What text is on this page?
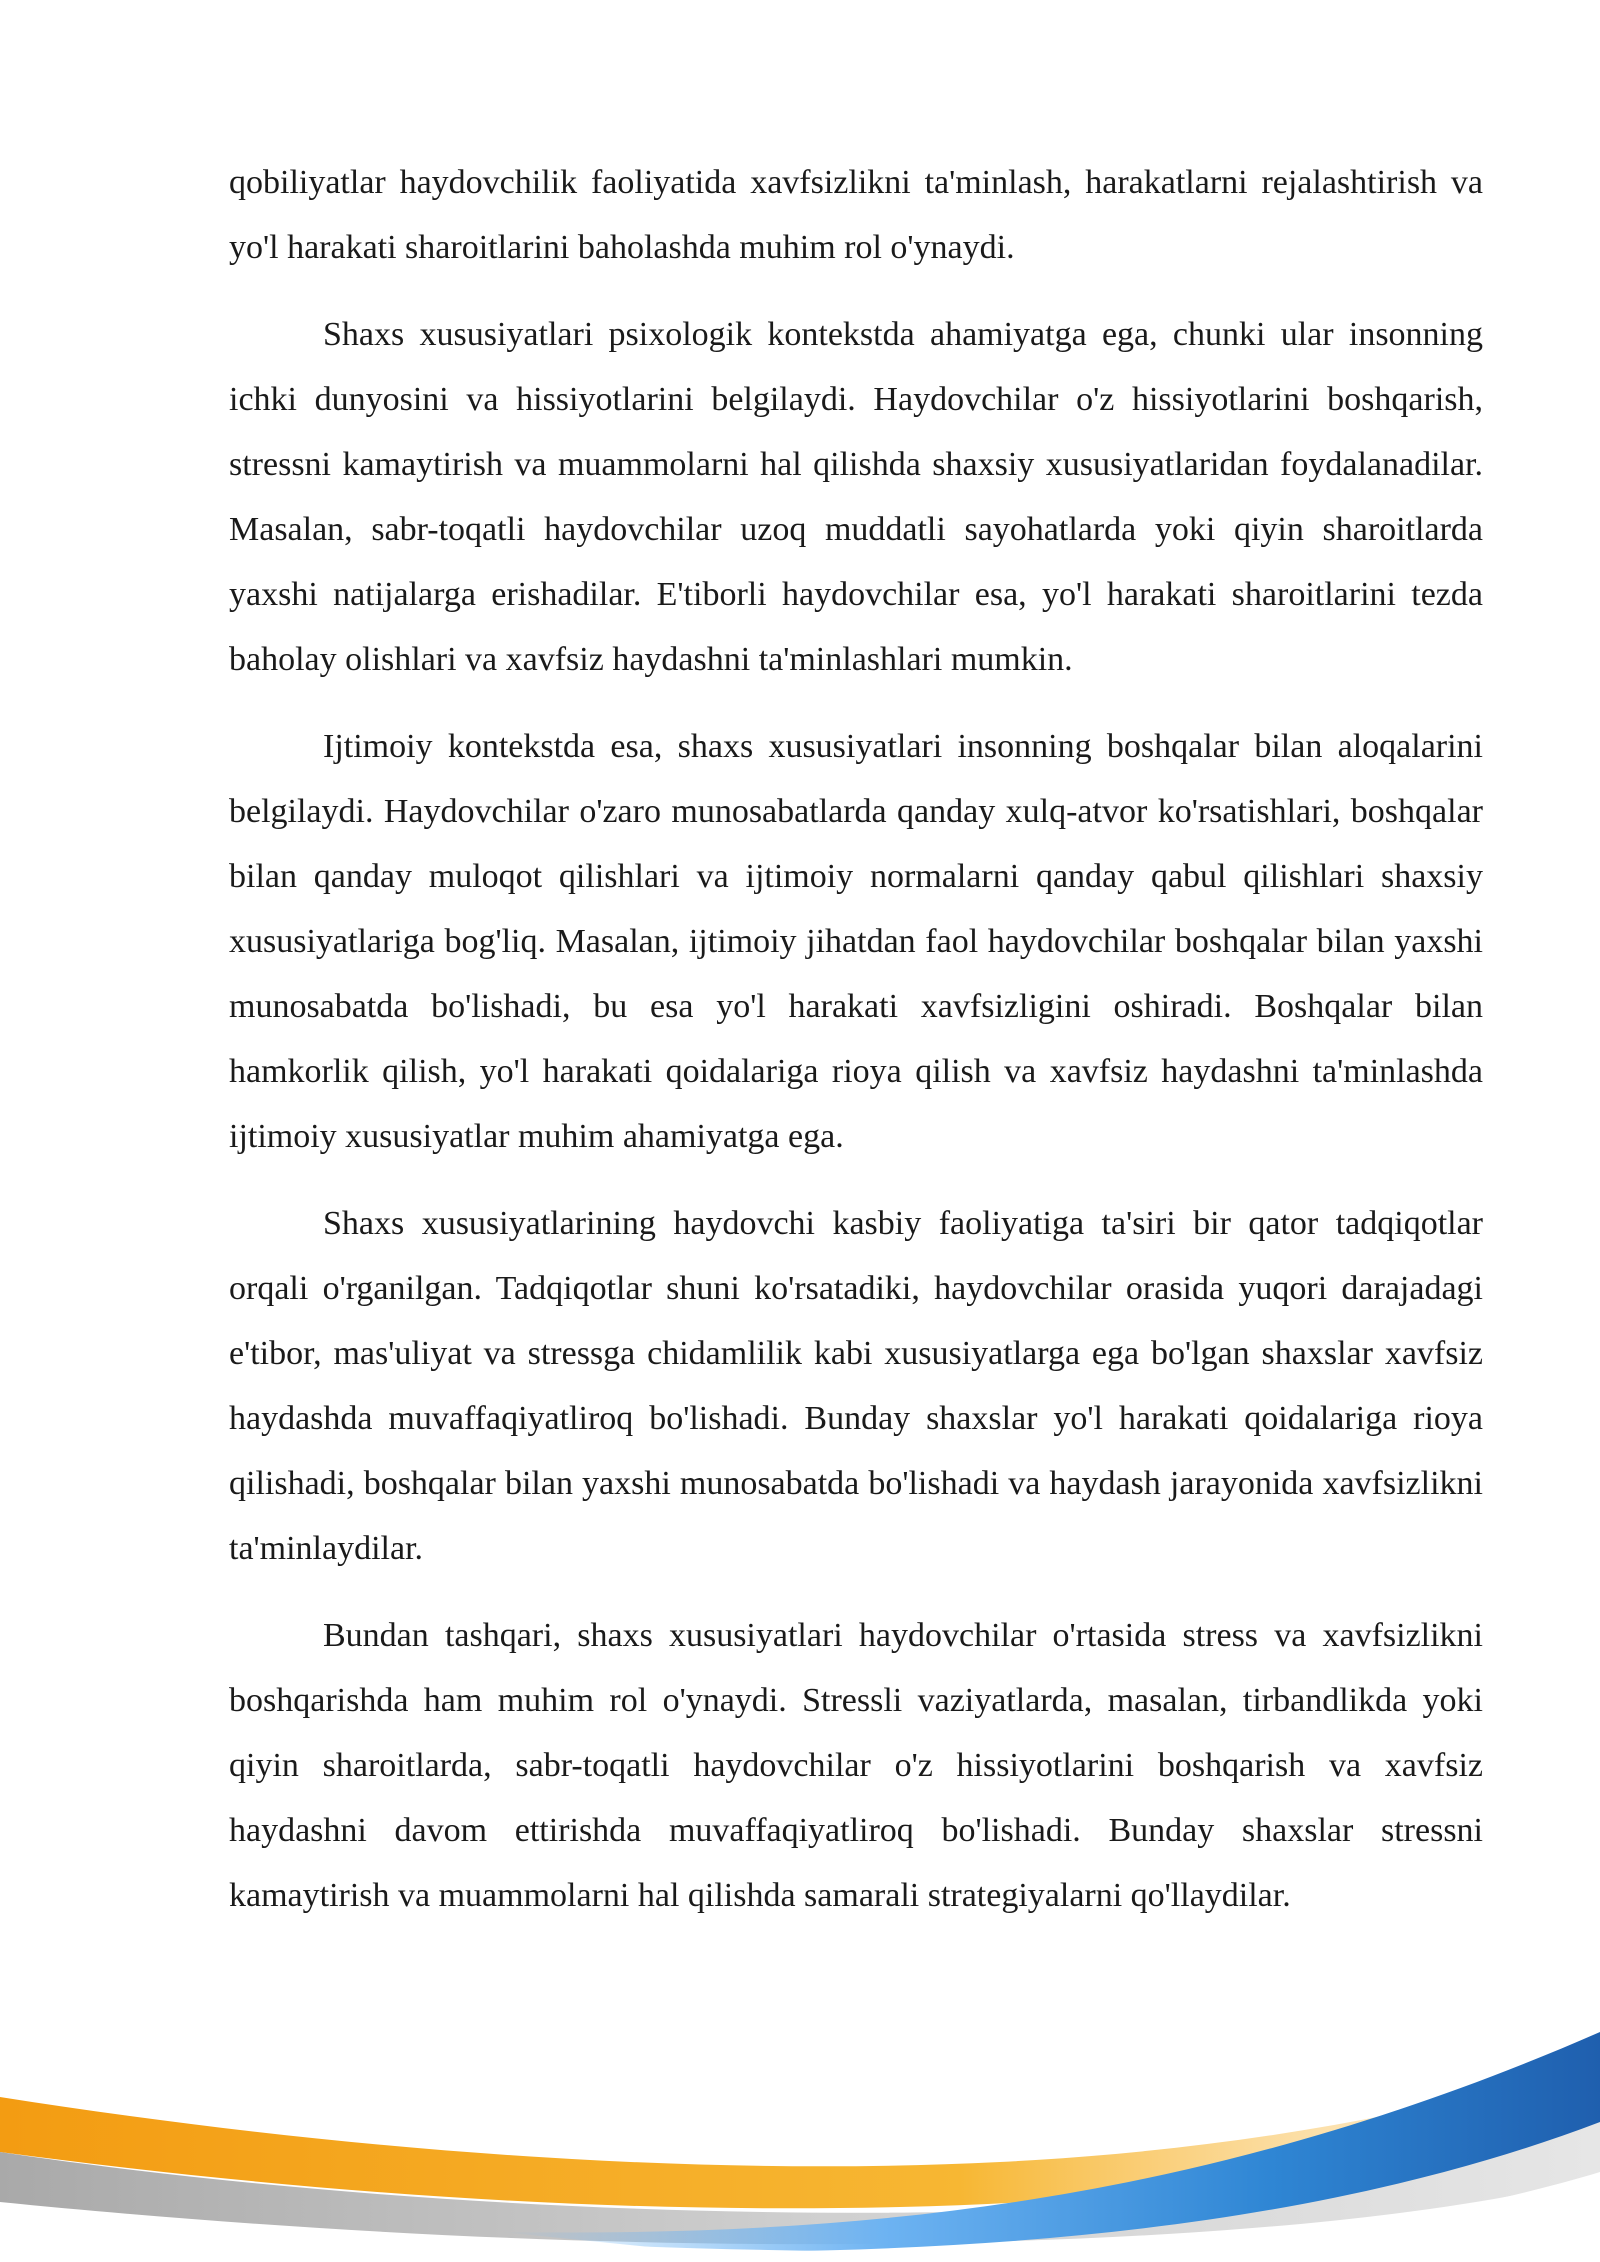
qobiliyatlar haydovchilik faoliyatida xavfsizlikni ta'minlash, harakatlarni rejalashtirish va yo'l harakati sharoitlarini baholashda muhim rol o'ynaydi.

Shaxs xususiyatlari psixologik kontekstda ahamiyatga ega, chunki ular insonning ichki dunyosini va hissiyotlarini belgilaydi. Haydovchilar o'z hissiyotlarini boshqarish, stressni kamaytirish va muammolarni hal qilishda shaxsiy xususiyatlaridan foydalanadilar. Masalan, sabr-toqatli haydovchilar uzoq muddatli sayohatlarda yoki qiyin sharoitlarda yaxshi natijalarga erishadilar. E'tiborli haydovchilar esa, yo'l harakati sharoitlarini tezda baholay olishlari va xavfsiz haydashni ta'minlashlari mumkin.

Ijtimoiy kontekstda esa, shaxs xususiyatlari insonning boshqalar bilan aloqalarini belgilaydi. Haydovchilar o'zaro munosabatlarda qanday xulq-atvor ko'rsatishlari, boshqalar bilan qanday muloqot qilishlari va ijtimoiy normalarni qanday qabul qilishlari shaxsiy xususiyatlariga bog'liq. Masalan, ijtimoiy jihatdan faol haydovchilar boshqalar bilan yaxshi munosabatda bo'lishadi, bu esa yo'l harakati xavfsizligini oshiradi. Boshqalar bilan hamkorlik qilish, yo'l harakati qoidalariga rioya qilish va xavfsiz haydashni ta'minlashda ijtimoiy xususiyatlar muhim ahamiyatga ega.

Shaxs xususiyatlarining haydovchi kasbiy faoliyatiga ta'siri bir qator tadqiqotlar orqali o'rganilgan. Tadqiqotlar shuni ko'rsatadiki, haydovchilar orasida yuqori darajadagi e'tibor, mas'uliyat va stressga chidamlilik kabi xususiyatlarga ega bo'lgan shaxslar xavfsiz haydashda muvaffaqiyatliroq bo'lishadi. Bunday shaxslar yo'l harakati qoidalariga rioya qilishadi, boshqalar bilan yaxshi munosabatda bo'lishadi va haydash jarayonida xavfsizlikni ta'minlaydilar.

Bundan tashqari, shaxs xususiyatlari haydovchilar o'rtasida stress va xavfsizlikni boshqarishda ham muhim rol o'ynaydi. Stressli vaziyatlarda, masalan, tirbandlikda yoki qiyin sharoitlarda, sabr-toqatli haydovchilar o'z hissiyotlarini boshqarish va xavfsiz haydashni davom ettirishda muvaffaqiyatliroq bo'lishadi. Bunday shaxslar stressni kamaytirish va muammolarni hal qilishda samarali strategiyalarni qo'llaydilar.
